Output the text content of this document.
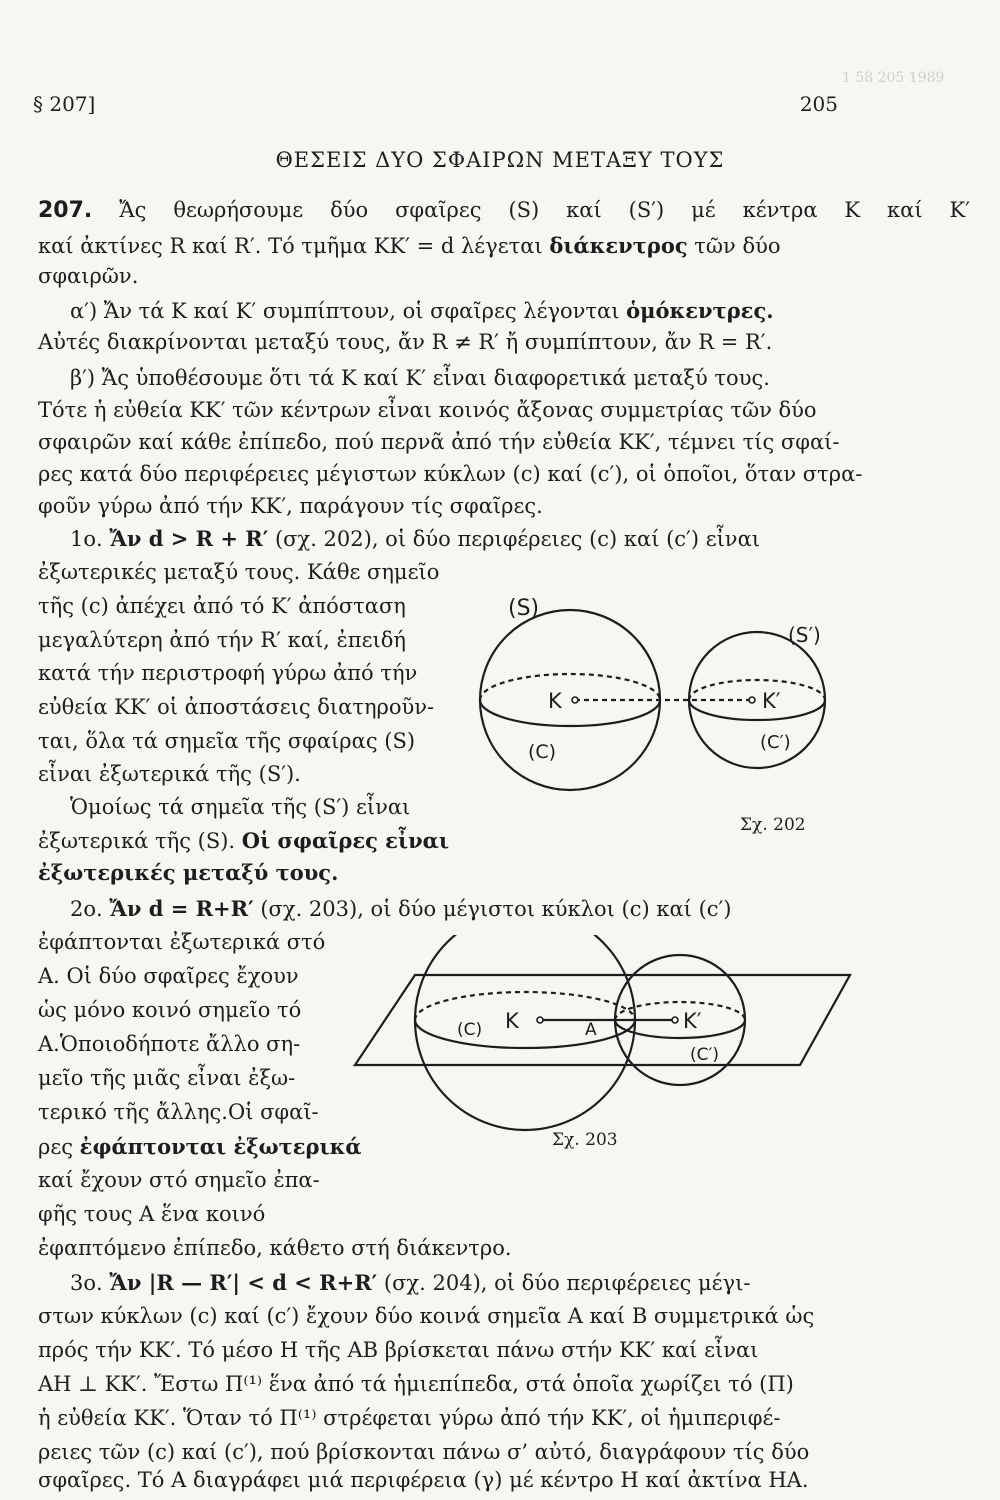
1 58 205 1989
§ 207]	205
ΘΕΣΕΙΣ ΔΥΟ ΣΦΑΙΡΩΝ ΜΕΤΑΞΥ ΤΟΥΣ
207. Ἄς θεωρήσουμε δύο σφαῖρες (S) καί (S′) μέ κέντρα K καί K′
καί ἀκτίνες R καί R′. Τό τμῆμα KK′ = d λέγεται διάκεντρος τῶν δύο
σφαιρῶν.
α′) Ἄν τά K καί K′ συμπίπτουν, οἱ σφαῖρες λέγονται ὁμόκεντρες.
Αὐτές διακρίνονται μεταξύ τους, ἄν R ≠ R′ ἤ συμπίπτουν, ἄν R = R′.
β′) Ἄς ὑποθέσουμε ὅτι τά K καί K′ εἶναι διαφορετικά μεταξύ τους.
Τότε ἡ εὐθεία KK′ τῶν κέντρων εἶναι κοινός ἄξονας συμμετρίας τῶν δύο
σφαιρῶν καί κάθε ἐπίπεδο, πού περνᾶ ἀπό τήν εὐθεία KK′, τέμνει τίς σφαί-
ρες κατά δύο περιφέρειες μέγιστων κύκλων (c) καί (c′), οἱ ὁποῖοι, ὅταν στρα-
φοῦν γύρω ἀπό τήν KK′, παράγουν τίς σφαῖρες.
1ο. Ἄν d > R + R′ (σχ. 202), οἱ δύο περιφέρειες (c) καί (c′) εἶναι
ἐξωτερικές μεταξύ τους. Κάθε σημεῖο
τῆς (c) ἀπέχει ἀπό τό K′ ἀπόσταση
μεγαλύτερη ἀπό τήν R′ καί, ἐπειδή
κατά τήν περιστροφή γύρω ἀπό τήν
εὐθεία KK′ οἱ ἀποστάσεις διατηροῦν-
ται, ὅλα τά σημεῖα τῆς σφαίρας (S)
εἶναι ἐξωτερικά τῆς (S′).
Ὁμοίως τά σημεῖα τῆς (S′) εἶναι
ἐξωτερικά τῆς (S). Οἱ σφαῖρες εἶναι
ἐξωτερικές μεταξύ τους.
(S)
(S′)
K	K′
(C)	(C′)
Σχ. 202
2ο. Ἄν d = R+R′ (σχ. 203), οἱ δύο μέγιστοι κύκλοι (c) καί (c′)
ἐφάπτονται ἐξωτερικά στό
A. Οἱ δύο σφαῖρες ἔχουν
ὡς μόνο κοινό σημεῖο τό
A.Ὁποιοδήποτε ἄλλο ση-
μεῖο τῆς μιᾶς εἶναι ἐξω-
τερικό τῆς ἄλλης.Οἱ σφαῖ-
ρες ἐφάπτονται ἐξωτερικά
καί ἔχουν στό σημεῖο ἐπα-
φῆς τους A ἕνα κοινό
ἐφαπτόμενο ἐπίπεδο, κάθετο στή διάκεντρο.
K	A	K′
(C)
(C′)
Σχ. 203
3ο. Ἄν |R — R′| < d < R+R′ (σχ. 204), οἱ δύο περιφέρειες μέγι-
στων κύκλων (c) καί (c′) ἔχουν δύο κοινά σημεῖα A καί B συμμετρικά ὡς
πρός τήν KK′. Τό μέσο H τῆς AB βρίσκεται πάνω στήν KK′ καί εἶναι
AH ⊥ KK′. Ἔστω Π⁽¹⁾ ἕνα ἀπό τά ἡμιεπίπεδα, στά ὁποῖα χωρίζει τό (Π)
ἡ εὐθεία KK′. Ὅταν τό Π⁽¹⁾ στρέφεται γύρω ἀπό τήν KK′, οἱ ἡμιπεριφέ-
ρειες τῶν (c) καί (c′), πού βρίσκονται πάνω σ’ αὐτό, διαγράφουν τίς δύο
σφαῖρες. Τό A διαγράφει μιά περιφέρεια (γ) μέ κέντρο H καί ἀκτίνα HA.
